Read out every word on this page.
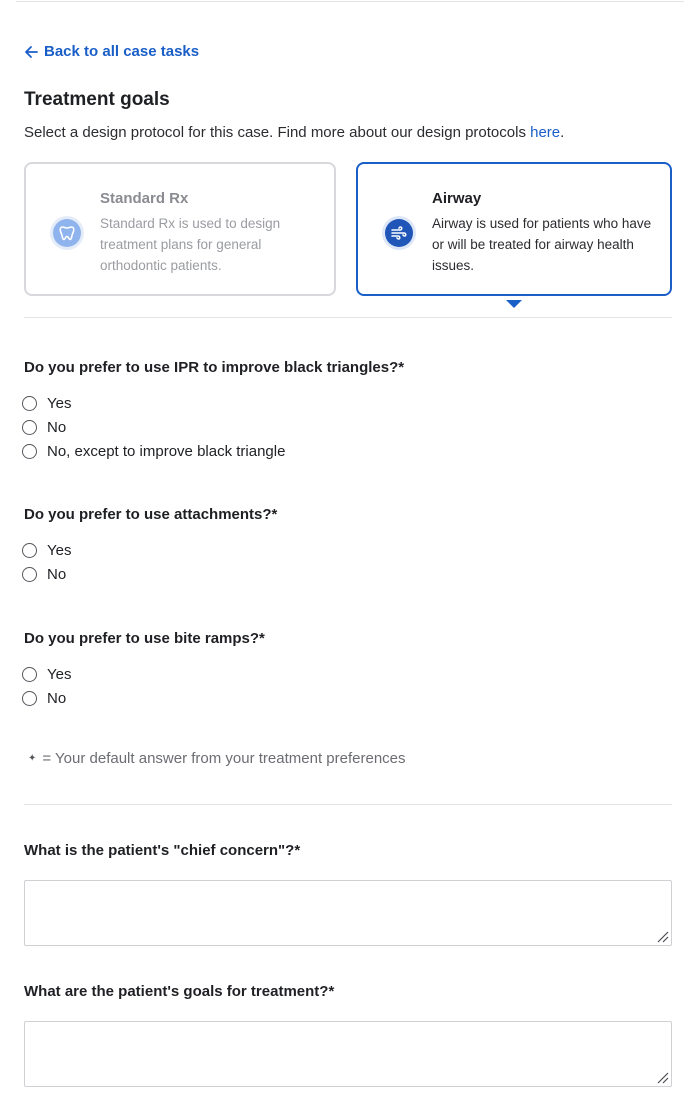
Back to all case tasks
Treatment goals
Select a design protocol for this case. Find more about our design protocols here.
Standard Rx
Standard Rx is used to design treatment plans for general orthodontic patients.
Airway
Airway is used for patients who have or will be treated for airway health issues.
Do you prefer to use IPR to improve black triangles?*
Yes
No
No, except to improve black triangle
Do you prefer to use attachments?*
Yes
No
Do you prefer to use bite ramps?*
Yes
No
✦ = Your default answer from your treatment preferences
What is the patient's "chief concern"?*
What are the patient's goals for treatment?*
